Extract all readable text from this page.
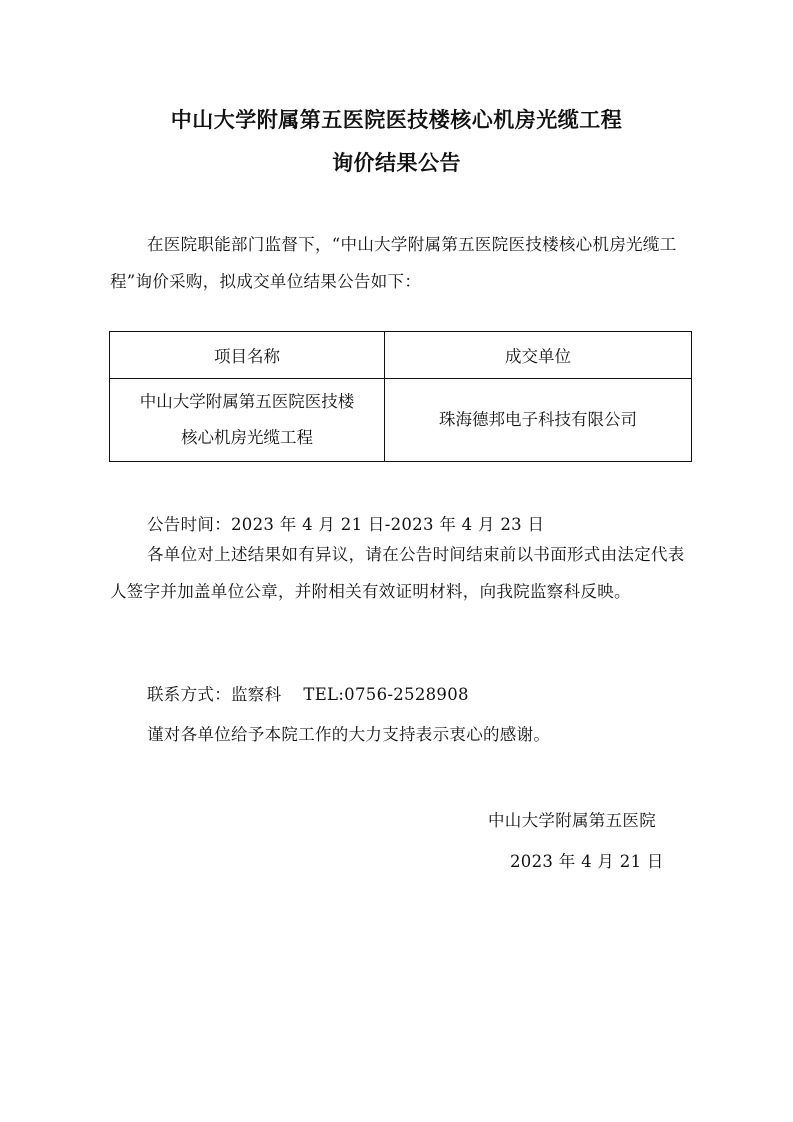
中山大学附属第五医院医技楼核心机房光缆工程
询价结果公告
在医院职能部门监督下，“中山大学附属第五医院医技楼核心机房光缆工程”询价采购，拟成交单位结果公告如下：
项目名称	成交单位

中山大学附属第五医院医技楼
核心机房光缆工程	珠海德邦电子科技有限公司
公告时间：2023 年 4 月 21 日-2023 年 4 月 23 日
各单位对上述结果如有异议，请在公告时间结束前以书面形式由法定代表人签字并加盖单位公章，并附相关有效证明材料，向我院监察科反映。
联系方式：监察科 TEL:0756-2528908
谨对各单位给予本院工作的大力支持表示衷心的感谢。
中山大学附属第五医院
2023 年 4 月 21 日
